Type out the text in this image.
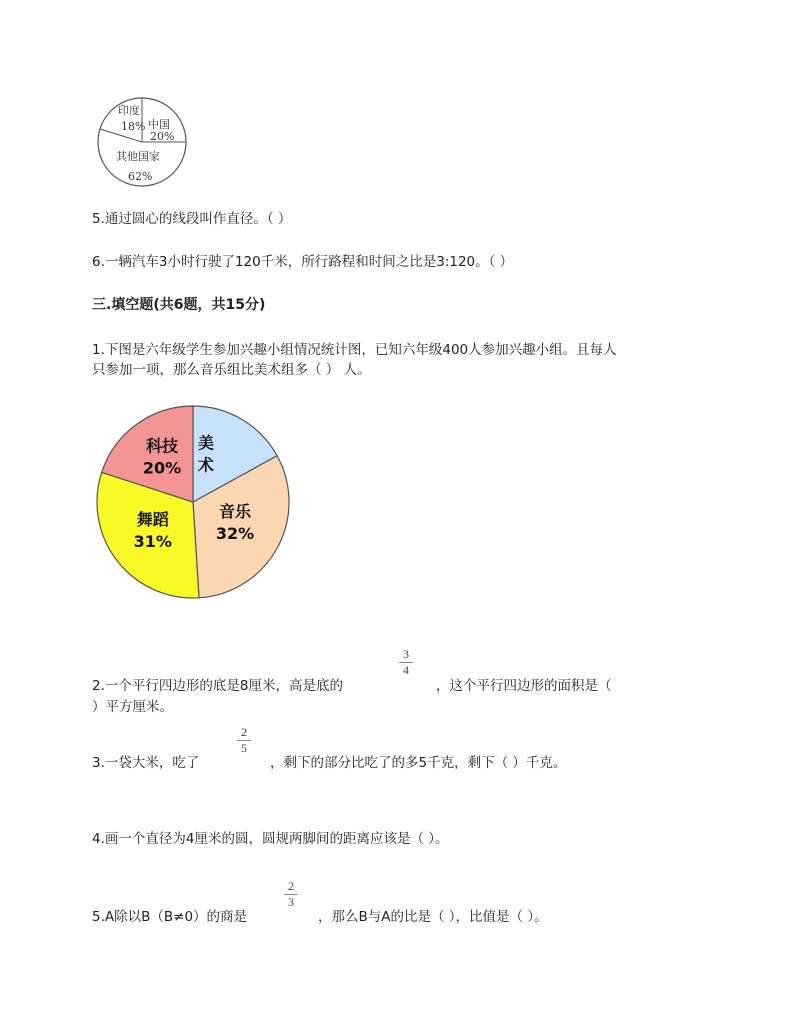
印度
18% 中国
20%
其他国家
62%
5.通过圆心的线段叫作直径。（ ）
6.一辆汽车3小时行驶了120千米，所行路程和时间之比是3:120。（ ）
三.填空题(共6题，共15分)
1.下图是六年级学生参加兴趣小组情况统计图，已知六年级400人参加兴趣小组。且每人
只参加一项，那么音乐组比美术组多（ ） 人。
美
术
音乐
32%
舞蹈
31%
科技
20%
2.一个平行四边形的底是8厘米，高是底的
3
4
，这个平行四边形的面积是（
）平方厘米。
3.一袋大米，吃了
2
5
，剩下的部分比吃了的多5千克，剩下（ ）千克。
4.画一个直径为4厘米的圆，圆规两脚间的距离应该是（ ）。
5.A除以B（B≠0）的商是
2
3
，那么B与A的比是（ ），比值是（ ）。
